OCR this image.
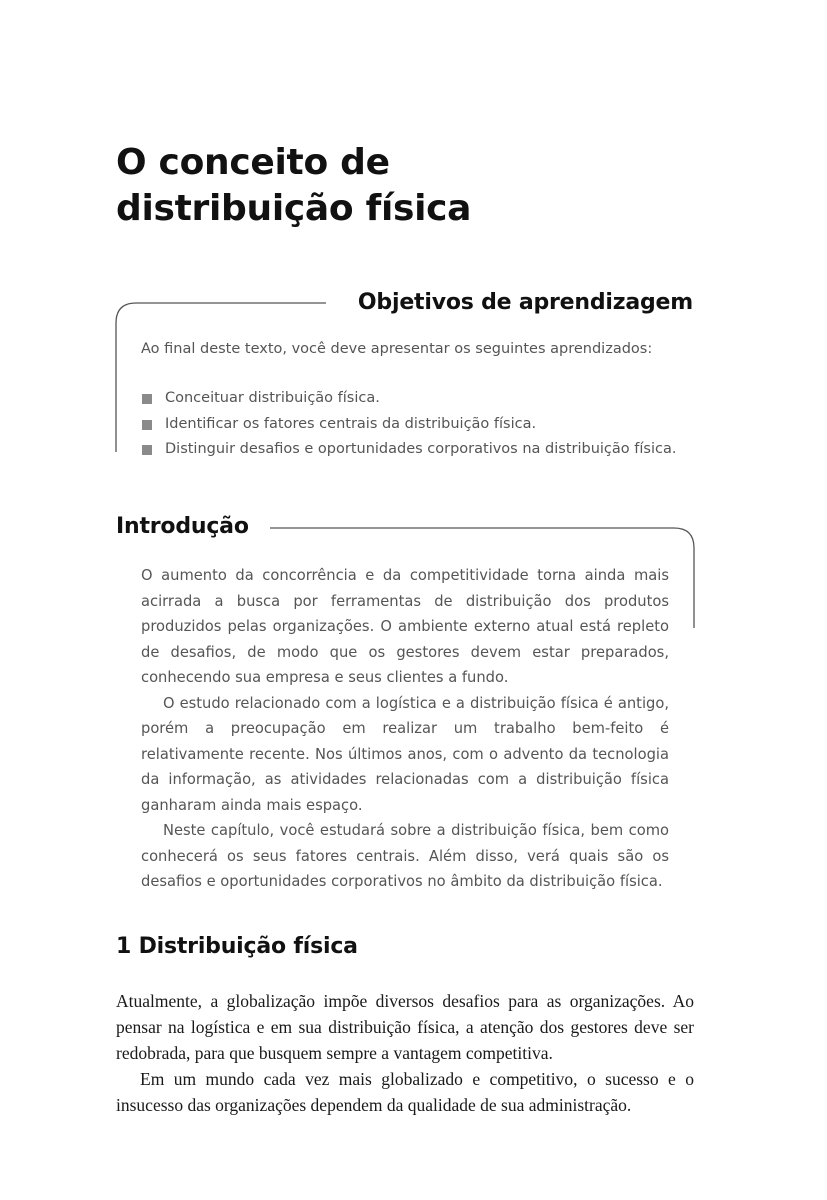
O conceito de
distribuição física
Objetivos de aprendizagem

Ao final deste texto, você deve apresentar os seguintes aprendizados:

Conceituar distribuição física.
Identificar os fatores centrais da distribuição física.
Distinguir desafios e oportunidades corporativos na distribuição física.
Introdução

O aumento da concorrência e da competitividade torna ainda mais acirrada a busca por ferramentas de distribuição dos produtos produzidos pelas organizações. O ambiente externo atual está repleto de desafios, de modo que os gestores devem estar preparados, conhecendo sua empresa e seus clientes a fundo.

O estudo relacionado com a logística e a distribuição física é antigo, porém a preocupação em realizar um trabalho bem-feito é relativamente recente. Nos últimos anos, com o advento da tecnologia da informação, as atividades relacionadas com a distribuição física ganharam ainda mais espaço.

Neste capítulo, você estudará sobre a distribuição física, bem como conhecerá os seus fatores centrais. Além disso, verá quais são os desafios e oportunidades corporativos no âmbito da distribuição física.

1 Distribuição física

Atualmente, a globalização impõe diversos desafios para as organizações. Ao pensar na logística e em sua distribuição física, a atenção dos gestores deve ser redobrada, para que busquem sempre a vantagem competitiva.

Em um mundo cada vez mais globalizado e competitivo, o sucesso e o insucesso das organizações dependem da qualidade de sua administração.
